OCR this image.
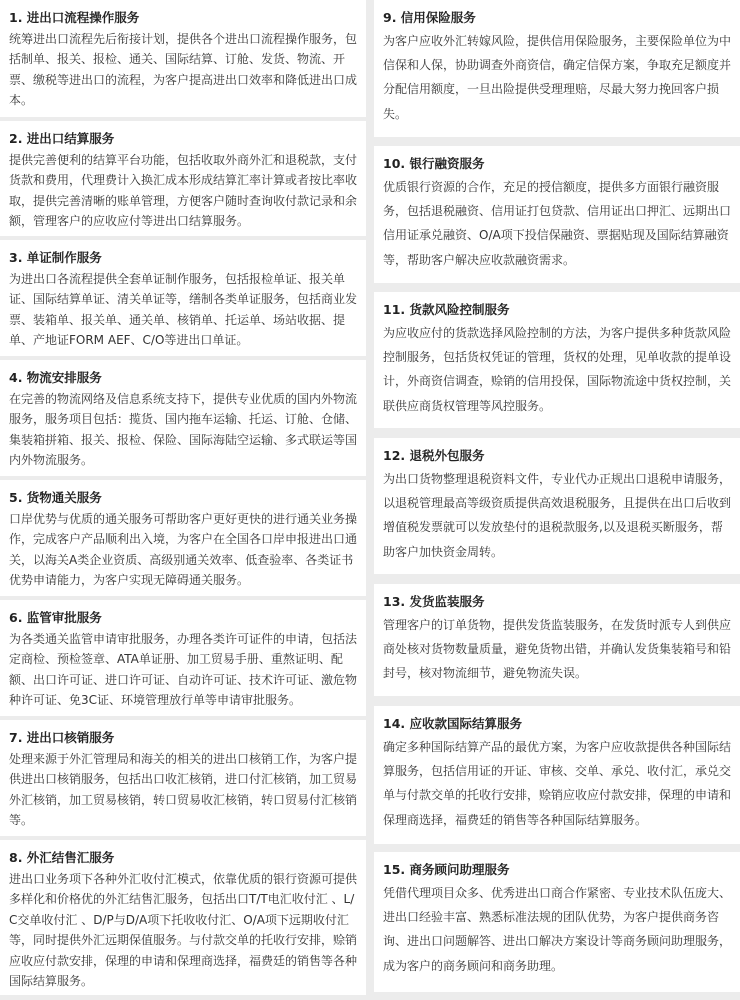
1. 进出口流程操作服务
统筹进出口流程先后衔接计划，提供各个进出口流程操作服务，包括制单、报关、报检、通关、国际结算、订舱、发货、物流、开票、缴税等进出口的流程，为客户提高进出口效率和降低进出口成本。
2. 进出口结算服务
提供完善便利的结算平台功能，包括收取外商外汇和退税款，支付货款和费用，代理费计入换汇成本形成结算汇率计算或者按比率收取，提供完善清晰的账单管理，方便客户随时查询收付款记录和余额，管理客户的应收应付等进出口结算服务。
3. 单证制作服务
为进出口各流程提供全套单证制作服务，包括报检单证、报关单证、国际结算单证、清关单证等，缮制各类单证服务，包括商业发票、装箱单、报关单、通关单、核销单、托运单、场站收据、提单、产地证FORM AEF、C/O等进出口单证。
4. 物流安排服务
在完善的物流网络及信息系统支持下，提供专业优质的国内外物流服务，服务项目包括：揽货、国内拖车运输、托运、订舱、仓储、集装箱拼箱、报关、报检、保险、国际海陆空运输、多式联运等国内外物流服务。
5. 货物通关服务
口岸优势与优质的通关服务可帮助客户更好更快的进行通关业务操作，完成客户产品顺利出入境，为客户在全国各口岸申报进出口通关，以海关A类企业资质、高级别通关效率、低查验率、各类证书优势申请能力，为客户实现无障碍通关服务。
6. 监管审批服务
为各类通关监管申请审批服务，办理各类许可证件的申请，包括法定商检、预检签章、ATA单证册、加工贸易手册、重熬证明、配额、出口许可证、进口许可证、自动许可证、技术许可证、激危物种许可证、免3C证、环境管理放行单等申请审批服务。
7. 进出口核销服务
处理来源于外汇管理局和海关的相关的进出口核销工作，为客户提供进出口核销服务，包括出口收汇核销，进口付汇核销，加工贸易外汇核销，加工贸易核销，转口贸易收汇核销，转口贸易付汇核销等。
8. 外汇结售汇服务
进出口业务项下各种外汇收付汇模式，依靠优质的银行资源可提供多样化和价格优的外汇结售汇服务，包括出口T/T电汇收付汇 、L/C交单收付汇 、D/P与D/A项下托收收付汇、O/A项下远期收付汇等，同时提供外汇远期保值服务。与付款交单的托收行安排，赊销应收应付款安排，保理的申请和保理商选择，福费廷的销售等各种国际结算服务。
9. 信用保险服务
为客户应收外汇转嫁风险，提供信用保险服务，主要保险单位为中信保和人保，协助调查外商资信，确定信保方案，争取充足额度并分配信用额度，一旦出险提供受理理赔，尽最大努力挽回客户损失。
10. 银行融资服务
优质银行资源的合作，充足的授信额度，提供多方面银行融资服务，包括退税融资、信用证打包贷款、信用证出口押汇、远期出口信用证承兑融资、O/A项下投信保融资、票据贴现及国际结算融资等，帮助客户解决应收款融资需求。
11. 货款风险控制服务
为应收应付的货款选择风险控制的方法，为客户提供多种货款风险控制服务，包括货权凭证的管理，货权的处理，见单收款的提单设计，外商资信调查，赊销的信用投保，国际物流途中货权控制，关联供应商货权管理等风控服务。
12. 退税外包服务
为出口货物整理退税资料文件，专业代办正规出口退税申请服务，以退税管理最高等级资质提供高效退税服务，且提供在出口后收到增值税发票就可以发放垫付的退税款服务,以及退税买断服务，帮助客户加快资金周转。
13. 发货监装服务
管理客户的订单货物，提供发货监装服务，在发货时派专人到供应商处核对货物数量质量，避免货物出错，并确认发货集装箱号和铅封号，核对物流细节，避免物流失误。
14. 应收款国际结算服务
确定多种国际结算产品的最优方案，为客户应收款提供各种国际结算服务，包括信用证的开证、审核、交单、承兑、收付汇，承兑交单与付款交单的托收行安排，赊销应收应付款安排，保理的申请和保理商选择，福费廷的销售等各种国际结算服务。
15. 商务顾问助理服务
凭借代理项目众多、优秀进出口商合作紧密、专业技术队伍庞大、进出口经验丰富、熟悉标准法规的团队优势，为客户提供商务咨询、进出口问题解答、进出口解决方案设计等商务顾问助理服务，成为客户的商务顾问和商务助理。
